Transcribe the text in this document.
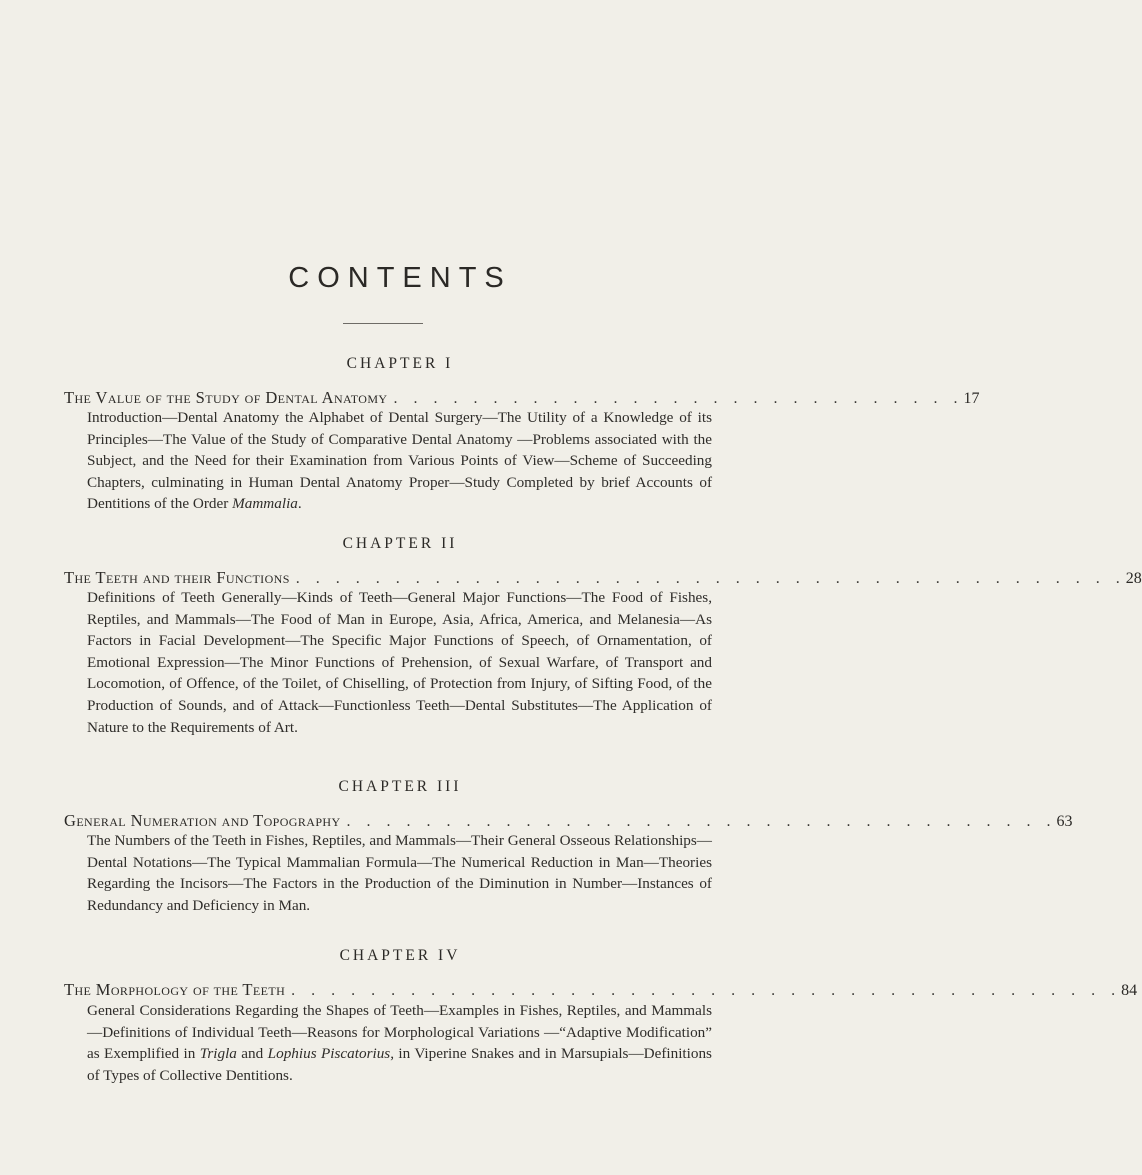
CONTENTS
CHAPTER I
The Value of the Study of Dental Anatomy . . . . . . . . . . . . . . . . . . . . . . . . . . . . . 17
Introduction—Dental Anatomy the Alphabet of Dental Surgery—The Utility of a Knowledge of its Principles—The Value of the Study of Comparative Dental Anatomy —Problems associated with the Subject, and the Need for their Examination from Various Points of View—Scheme of Succeeding Chapters, culminating in Human Dental Anatomy Proper—Study Completed by brief Accounts of Dentitions of the Order Mammalia.
CHAPTER II
The Teeth and their Functions . . . . . . . . . . . . . . . . . . . . . . . . . . . . . . . . . . . . . . . . . . 28
Definitions of Teeth Generally—Kinds of Teeth—General Major Functions—The Food of Fishes, Reptiles, and Mammals—The Food of Man in Europe, Asia, Africa, America, and Melanesia—As Factors in Facial Development—The Specific Major Functions of Speech, of Ornamentation, of Emotional Expression—The Minor Functions of Prehension, of Sexual Warfare, of Transport and Locomotion, of Offence, of the Toilet, of Chiselling, of Protection from Injury, of Sifting Food, of the Production of Sounds, and of Attack—Functionless Teeth—Dental Substitutes—The Application of Nature to the Requirements of Art.
CHAPTER III
General Numeration and Topography . . . . . . . . . . . . . . . . . . . . . . . . . . . . . . . . . . . . 63
The Numbers of the Teeth in Fishes, Reptiles, and Mammals—Their General Osseous Relationships—Dental Notations—The Typical Mammalian Formula—The Numerical Reduction in Man—Theories Regarding the Incisors—The Factors in the Production of the Diminution in Number—Instances of Redundancy and Deficiency in Man.
CHAPTER IV
The Morphology of the Teeth . . . . . . . . . . . . . . . . . . . . . . . . . . . . . . . . . . . . . . . . . . 84
General Considerations Regarding the Shapes of Teeth—Examples in Fishes, Reptiles, and Mammals—Definitions of Individual Teeth—Reasons for Morphological Variations —“Adaptive Modification” as Exemplified in Trigla and Lophius Piscatorius, in Viperine Snakes and in Marsupials—Definitions of Types of Collective Dentitions.
